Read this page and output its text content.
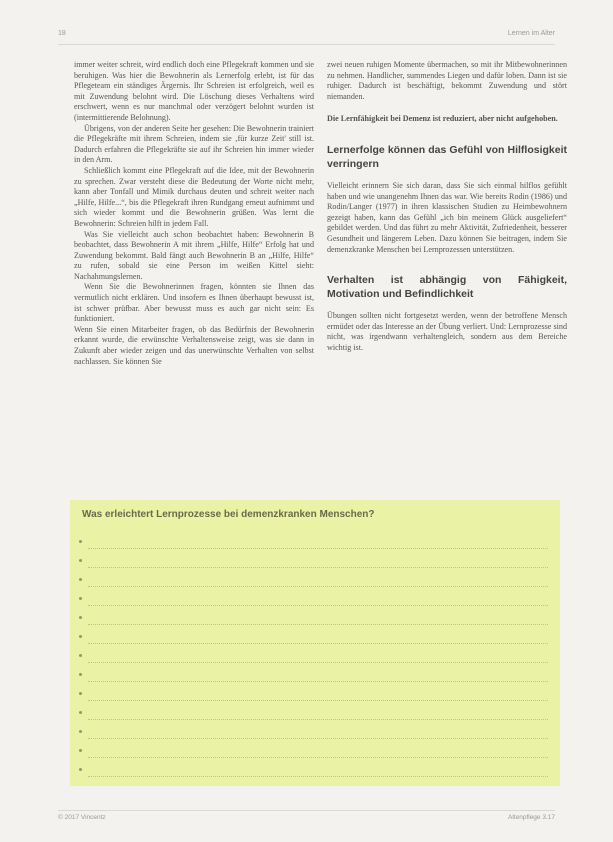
18	Lernen im Alter

immer weiter schreit, wird endlich doch eine Pflegekraft kommen und sie beruhigen. Was hier die Bewohnerin als Lernerfolg erlebt, ist für das Pflegeteam ein ständiges Ärgernis. Ihr Schreien ist erfolgreich, weil es mit Zuwendung belohnt wird. Die Löschung dieses Verhaltens wird erschwert, wenn es nur manchmal oder verzögert belohnt wurden ist (intermittierende Belohnung).

Übrigens, von der anderen Seite her gesehen: Die Bewohnerin trainiert die Pflegekräfte mit ihrem Schreien, indem sie ‚für kurze Zeit' still ist. Dadurch erfahren die Pflegekräfte sie auf ihr Schreien hin immer wieder in den Arm.

Schließlich kommt eine Pflegekraft auf die Idee, mit der Bewohnerin zu sprechen. Zwar versteht diese die Bedeutung der Worte nicht mehr, kann aber Tonfall und Mimik durchaus deuten und schreit weiter nach „Hilfe, Hilfe...“, bis die Pflegekraft ihren Rundgang erneut aufnimmt und sich wieder kommt und die Bewohnerin grüßen. Was lernt die Bewohnerin: Schreien hilft in jedem Fall.

Was Sie vielleicht auch schon beobachtet haben: Bewohnerin B beobachtet, dass Bewohnerin A mit ihrem „Hilfe, Hilfe“ Erfolg hat und Zuwendung bekommt. Bald fängt auch Bewohnerin B an „Hilfe, Hilfe“ zu rufen, sobald sie eine Person im weißen Kittel sieht: Nachahmungslernen.

Wenn Sie die Bewohnerinnen fragen, könnten sie Ihnen das vermutlich nicht erklären. Und insofern es Ihnen überhaupt bewusst ist, ist schwer prüfbar. Aber bewusst muss es auch gar nicht sein: Es funktioniert.

Wenn Sie einen Mitarbeiter fragen, ob das Bedürfnis der Bewohnerin erkannt wurde, die erwünschte Verhaltensweise zeigt, was sie dann in Zukunft aber wieder zeigen und das unerwünschte Verhalten von selbst nachlassen. Sie können Sie

zwei neuen ruhigen Momente übermachen, so mit ihr Mitbewohnerinnen zu nehmen. Handlicher, summendes Liegen und dafür loben. Dann ist sie ruhiger. Dadurch ist beschäftigt, bekommt Zuwendung und stört niemanden.

Die Lernfähigkeit bei Demenz ist reduziert, aber nicht aufgehoben.

Lernerfolge können das Gefühl von Hilflosigkeit verringern

Vielleicht erinnern Sie sich daran, dass Sie sich einmal hilflos gefühlt haben und wie unangenehm Ihnen das war. Wie bereits Rodin (1986) und Rodin/Langer (1977) in ihren klassischen Studien zu Heimbewohnern gezeigt haben, kann das Gefühl „ich bin meinem Glück ausgeliefert“ gebildet werden. Und das führt zu mehr Aktivität, Zufriedenheit, besserer Gesundheit und längerem Leben. Dazu können Sie beitragen, indem Sie demenzkranke Menschen bei Lernprozessen unterstützen.

Verhalten ist abhängig von Fähigkeit, Motivation und Befindlichkeit

Übungen sollten nicht fortgesetzt werden, wenn der betroffene Mensch ermüdet oder das Interesse an der Übung verliert. Und: Lernprozesse sind nicht, was irgendwann verhaltengleich, sondern aus dem Bereiche wichtig ist.

Was erleichtert Lernprozesse bei demenzkranken Menschen?
© 2017 Vincentz	Altenpflege 3.17
